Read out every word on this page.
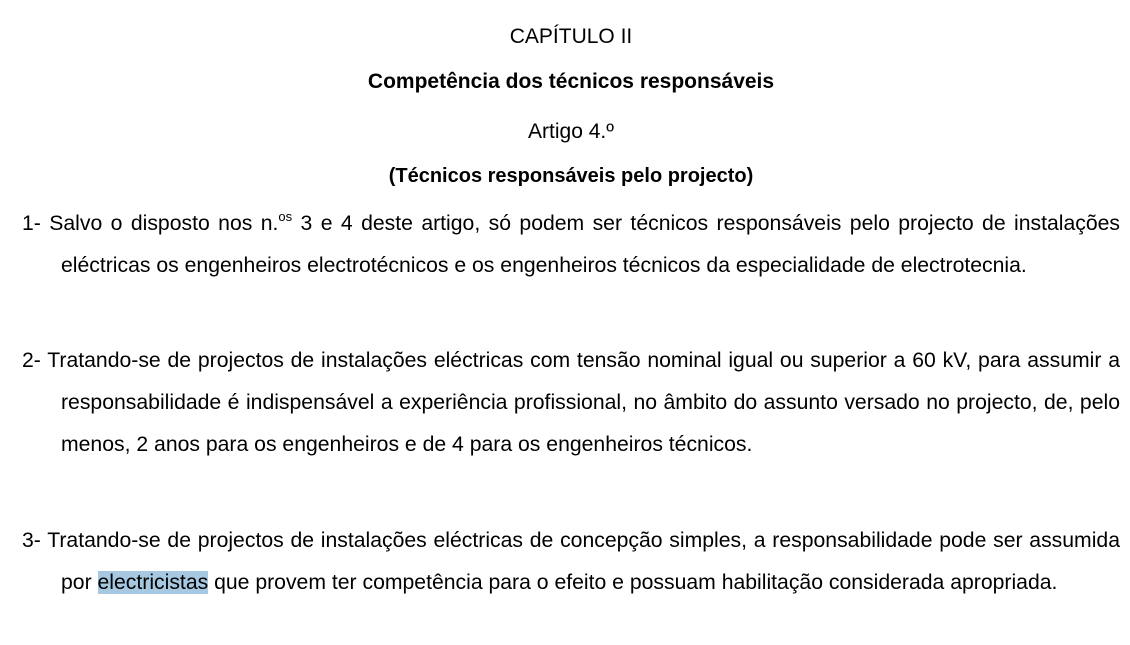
CAPÍTULO II
Competência dos técnicos responsáveis
Artigo 4.º
(Técnicos responsáveis pelo projecto)
1- Salvo o disposto nos n.$^{os}$ 3 e 4 deste artigo, só podem ser técnicos responsáveis pelo projecto de instalações eléctricas os engenheiros electrotécnicos e os engenheiros técnicos da especialidade de electrotecnia.
2- Tratando-se de projectos de instalações eléctricas com tensão nominal igual ou superior a 60 kV, para assumir a responsabilidade é indispensável a experiência profissional, no âmbito do assunto versado no projecto, de, pelo menos, 2 anos para os engenheiros e de 4 para os engenheiros técnicos.
3- Tratando-se de projectos de instalações eléctricas de concepção simples, a responsabilidade pode ser assumida por electricistas que provem ter competência para o efeito e possuam habilitação considerada apropriada.
